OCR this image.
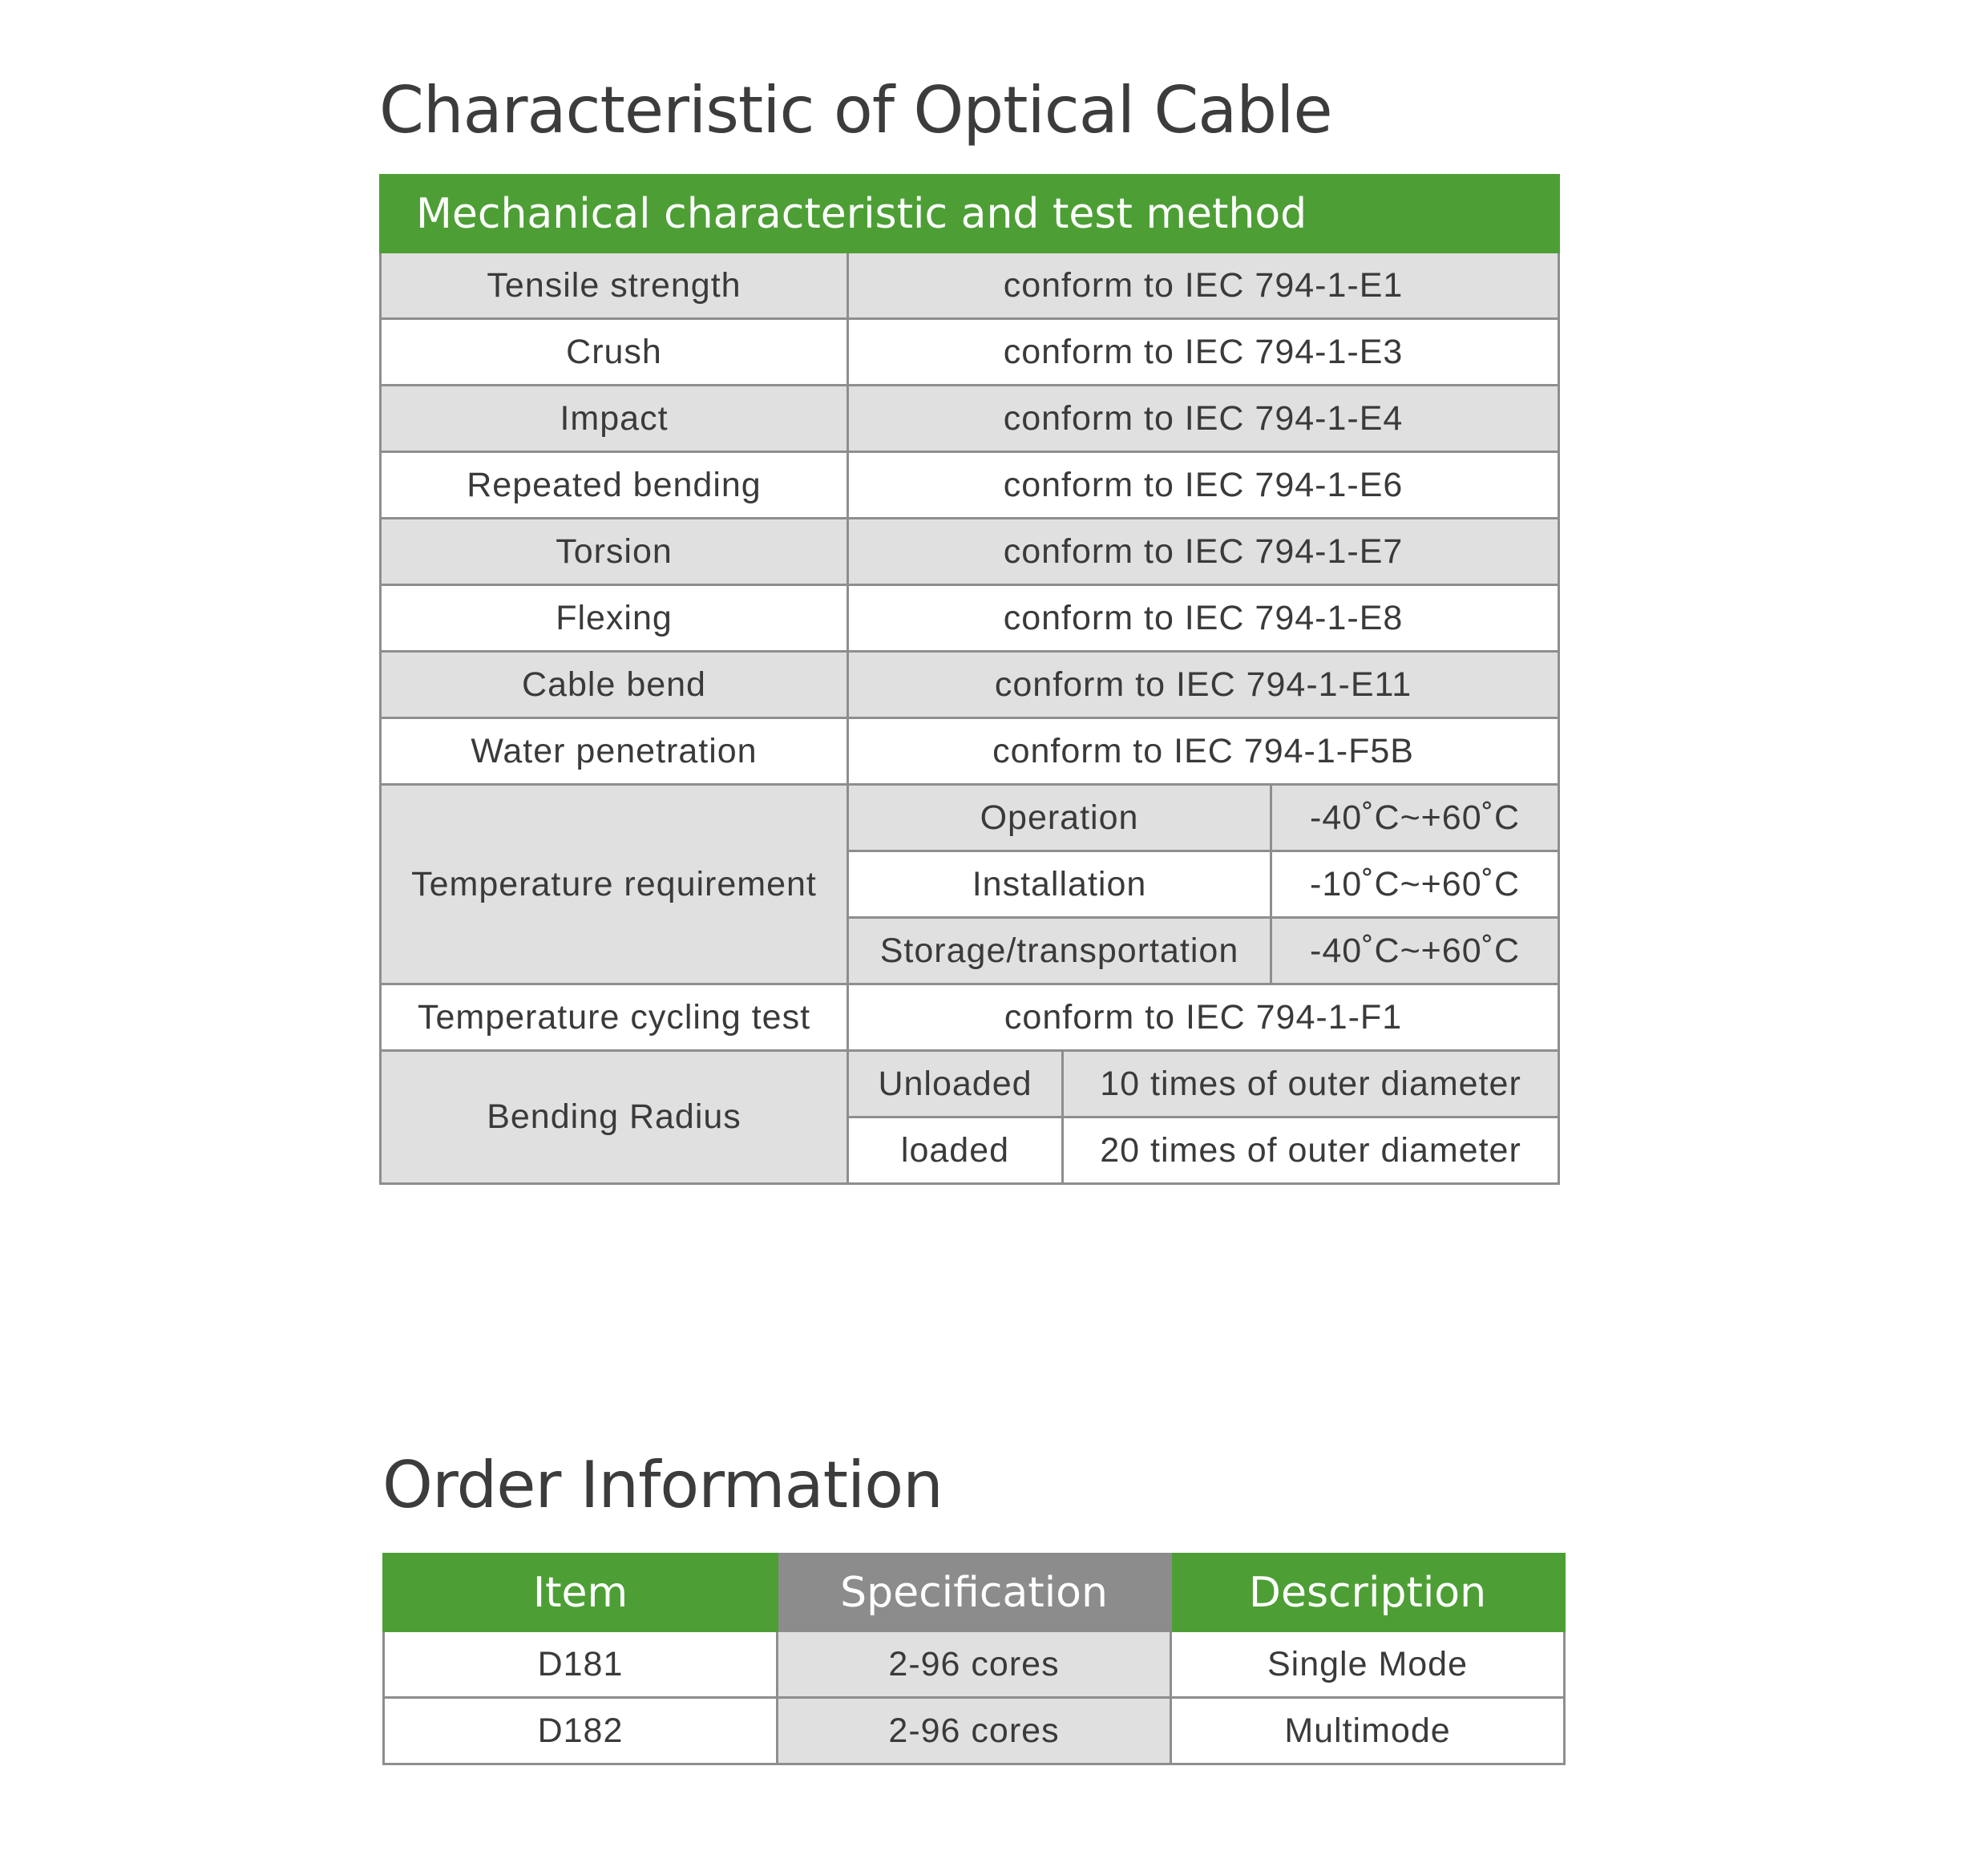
Characteristic of Optical Cable
Mechanical characteristic and test method			
Tensile strength	conform to IEC 794-1-E1		
Crush	conform to IEC 794-1-E3		
Impact	conform to IEC 794-1-E4		
Repeated bending	conform to IEC 794-1-E6		
Torsion	conform to IEC 794-1-E7		
Flexing	conform to IEC 794-1-E8		
Cable bend	conform to IEC 794-1-E11		
Water penetration	conform to IEC 794-1-F5B		
Temperature requirement	Operation		-40˚C~+60˚C
	Installation		-10˚C~+60˚C
	Storage/transportation		-40˚C~+60˚C
Temperature cycling test	conform to IEC 794-1-F1		
Bending Radius	Unloaded	10 times of outer diameter	
	loaded	20 times of outer diameter	
Order Information
Item	Specification	Description
D181	2-96 cores	Single Mode
D182	2-96 cores	Multimode
